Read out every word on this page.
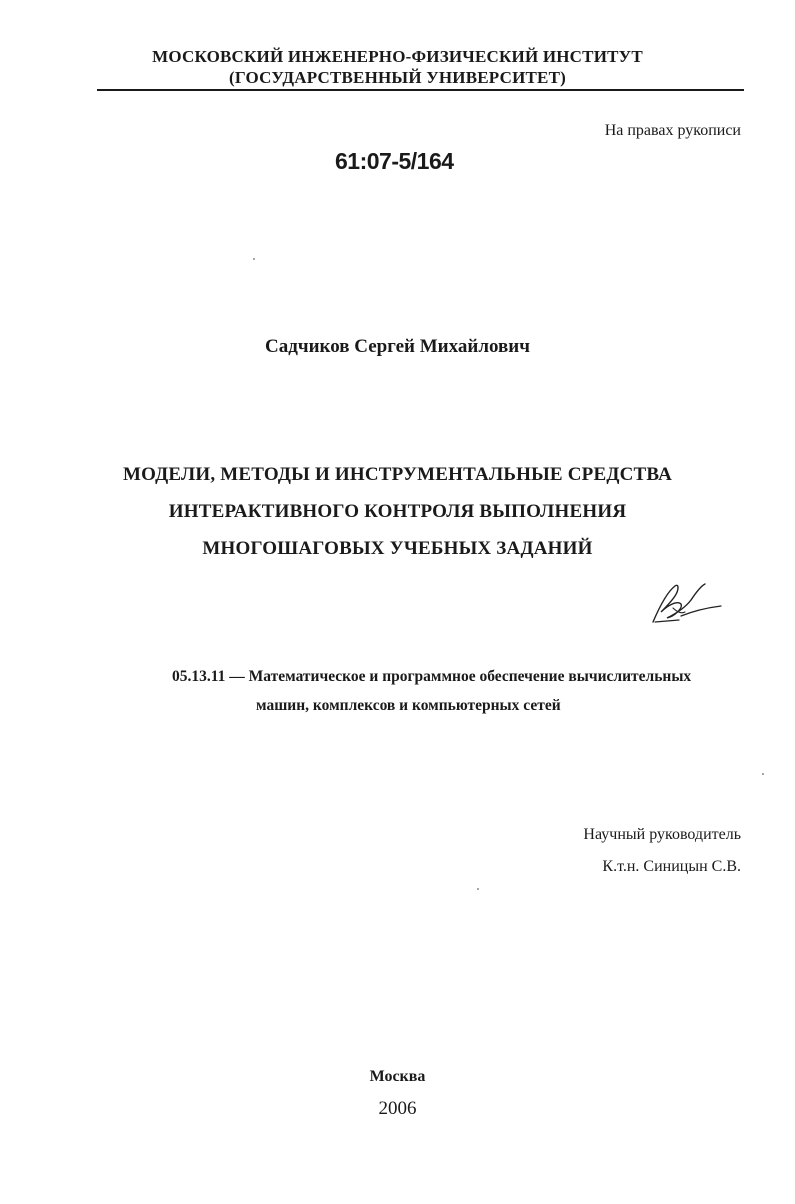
МОСКОВСКИЙ ИНЖЕНЕРНО-ФИЗИЧЕСКИЙ ИНСТИТУТ
(ГОСУДАРСТВЕННЫЙ УНИВЕРСИТЕТ)
На правах рукописи
61:07-5/164
Садчиков Сергей Михайлович
МОДЕЛИ, МЕТОДЫ И ИНСТРУМЕНТАЛЬНЫЕ СРЕДСТВА
ИНТЕРАКТИВНОГО КОНТРОЛЯ ВЫПОЛНЕНИЯ
МНОГОШАГОВЫХ УЧЕБНЫХ ЗАДАНИЙ
05.13.11 — Математическое и программное обеспечение вычислительных
машин, комплексов и компьютерных сетей
Научный руководитель
К.т.н. Синицын С.В.
Москва
2006
